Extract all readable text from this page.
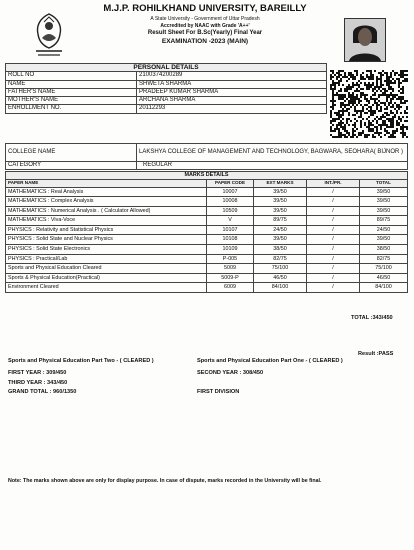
M.J.P. ROHILKHAND UNIVERSITY, BAREILLY
A State University - Government of Uttar Pradesh
Accredited by NAAC with Grade 'A++'
Result Sheet For B.Sc(Yearly) Final Year
EXAMINATION -2023 (MAIN)
PERSONAL DETAILS	
ROLL NO	2100374200289
NAME	SHWETA SHARMA
FATHER'S NAME	PRADEEP KUMAR SHARMA
MOTHER'S NAME	ARCHANA SHARMA
ENROLLMENT NO.	20112293
COLLEGE NAME	LAKSHYA COLLEGE OF MANAGEMENT AND TECHNOLOGY, BAGWARA, SEOHARA( BIJNOR )
CATEGORY	REGULAR
MARKS DETAILS				
PAPER NAME	PAPER CODE	EXT MARKS	INT./PR.	TOTAL
MATHEMATICS : Real Analysis	10007	39/50	/	39/50
MATHEMATICS : Complex Analysis	10008	39/50	/	39/50
MATHEMATICS : Numerical Analysis . ( Calculator Allowed)	10509	39/50	/	39/50
MATHEMATICS : Viva-Voce	V	89/75	/	89/75
PHYSICS : Relativity and Statistical Physics	10107	24/50	/	24/50
PHYSICS : Solid State and Nuclear Physics	10108	39/50	/	39/50
PHYSICS : Solid State Electronics	10109	38/50	/	38/50
PHYSICS : Practical/Lab	P-005	82/75	/	82/75
Sports and Physical Education Cleared	5009	75/100	/	75/100
Sports & Physical Education(Practical)	5009-P	46/50	/	46/50
Environment Cleared	6009	84/100	/	84/100
TOTAL :343/450
Result :PASS
Sports and Physical Education Part Two - ( CLEARED )	Sports and Physical Education Part One - ( CLEARED )
FIRST YEAR : 309/450	SECOND YEAR : 308/450
THIRD YEAR : 343/450
GRAND TOTAL : 960/1350	FIRST DIVISION
Note: The marks shown above are only for display purpose. In case of dispute, marks recorded in the University will be final.
